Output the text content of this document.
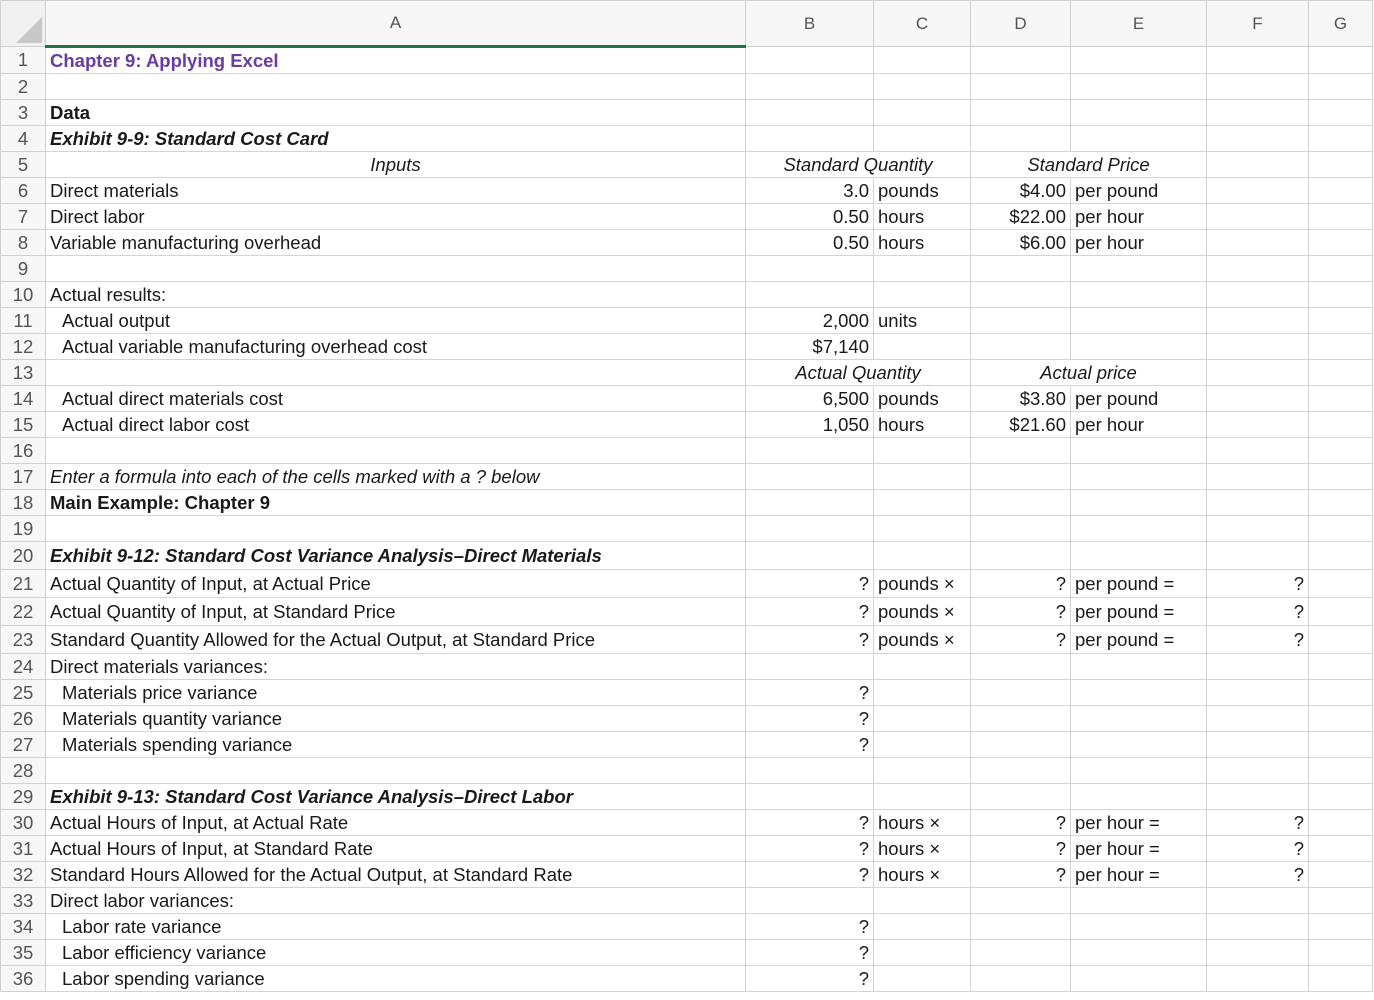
	A	B	C	D	E	F	G
1	Chapter 9: Applying Excel						
2							
3	Data						
4	Exhibit 9-9: Standard Cost Card						
5	Inputs	Standard Quantity		Standard Price			
6	Direct materials	3.0	pounds	$4.00	per pound		
7	Direct labor	0.50	hours	$22.00	per hour		
8	Variable manufacturing overhead	0.50	hours	$6.00	per hour		
9							
10	Actual results:						
11	Actual output	2,000	units				
12	Actual variable manufacturing overhead cost	$7,140					
13		Actual Quantity		Actual price			
14	Actual direct materials cost	6,500	pounds	$3.80	per pound		
15	Actual direct labor cost	1,050	hours	$21.60	per hour		
16							
17	Enter a formula into each of the cells marked with a ? below						
18	Main Example: Chapter 9						
19							
20	Exhibit 9-12: Standard Cost Variance Analysis–Direct Materials						
21	Actual Quantity of Input, at Actual Price	?	pounds ×	?	per pound =	?	
22	Actual Quantity of Input, at Standard Price	?	pounds ×	?	per pound =	?	
23	Standard Quantity Allowed for the Actual Output, at Standard Price	?	pounds ×	?	per pound =	?	
24	Direct materials variances:						
25	Materials price variance	?					
26	Materials quantity variance	?					
27	Materials spending variance	?					
28							
29	Exhibit 9-13: Standard Cost Variance Analysis–Direct Labor						
30	Actual Hours of Input, at Actual Rate	?	hours ×	?	per hour =	?	
31	Actual Hours of Input, at Standard Rate	?	hours ×	?	per hour =	?	
32	Standard Hours Allowed for the Actual Output, at Standard Rate	?	hours ×	?	per hour =	?	
33	Direct labor variances:						
34	Labor rate variance	?					
35	Labor efficiency variance	?					
36	Labor spending variance	?					
